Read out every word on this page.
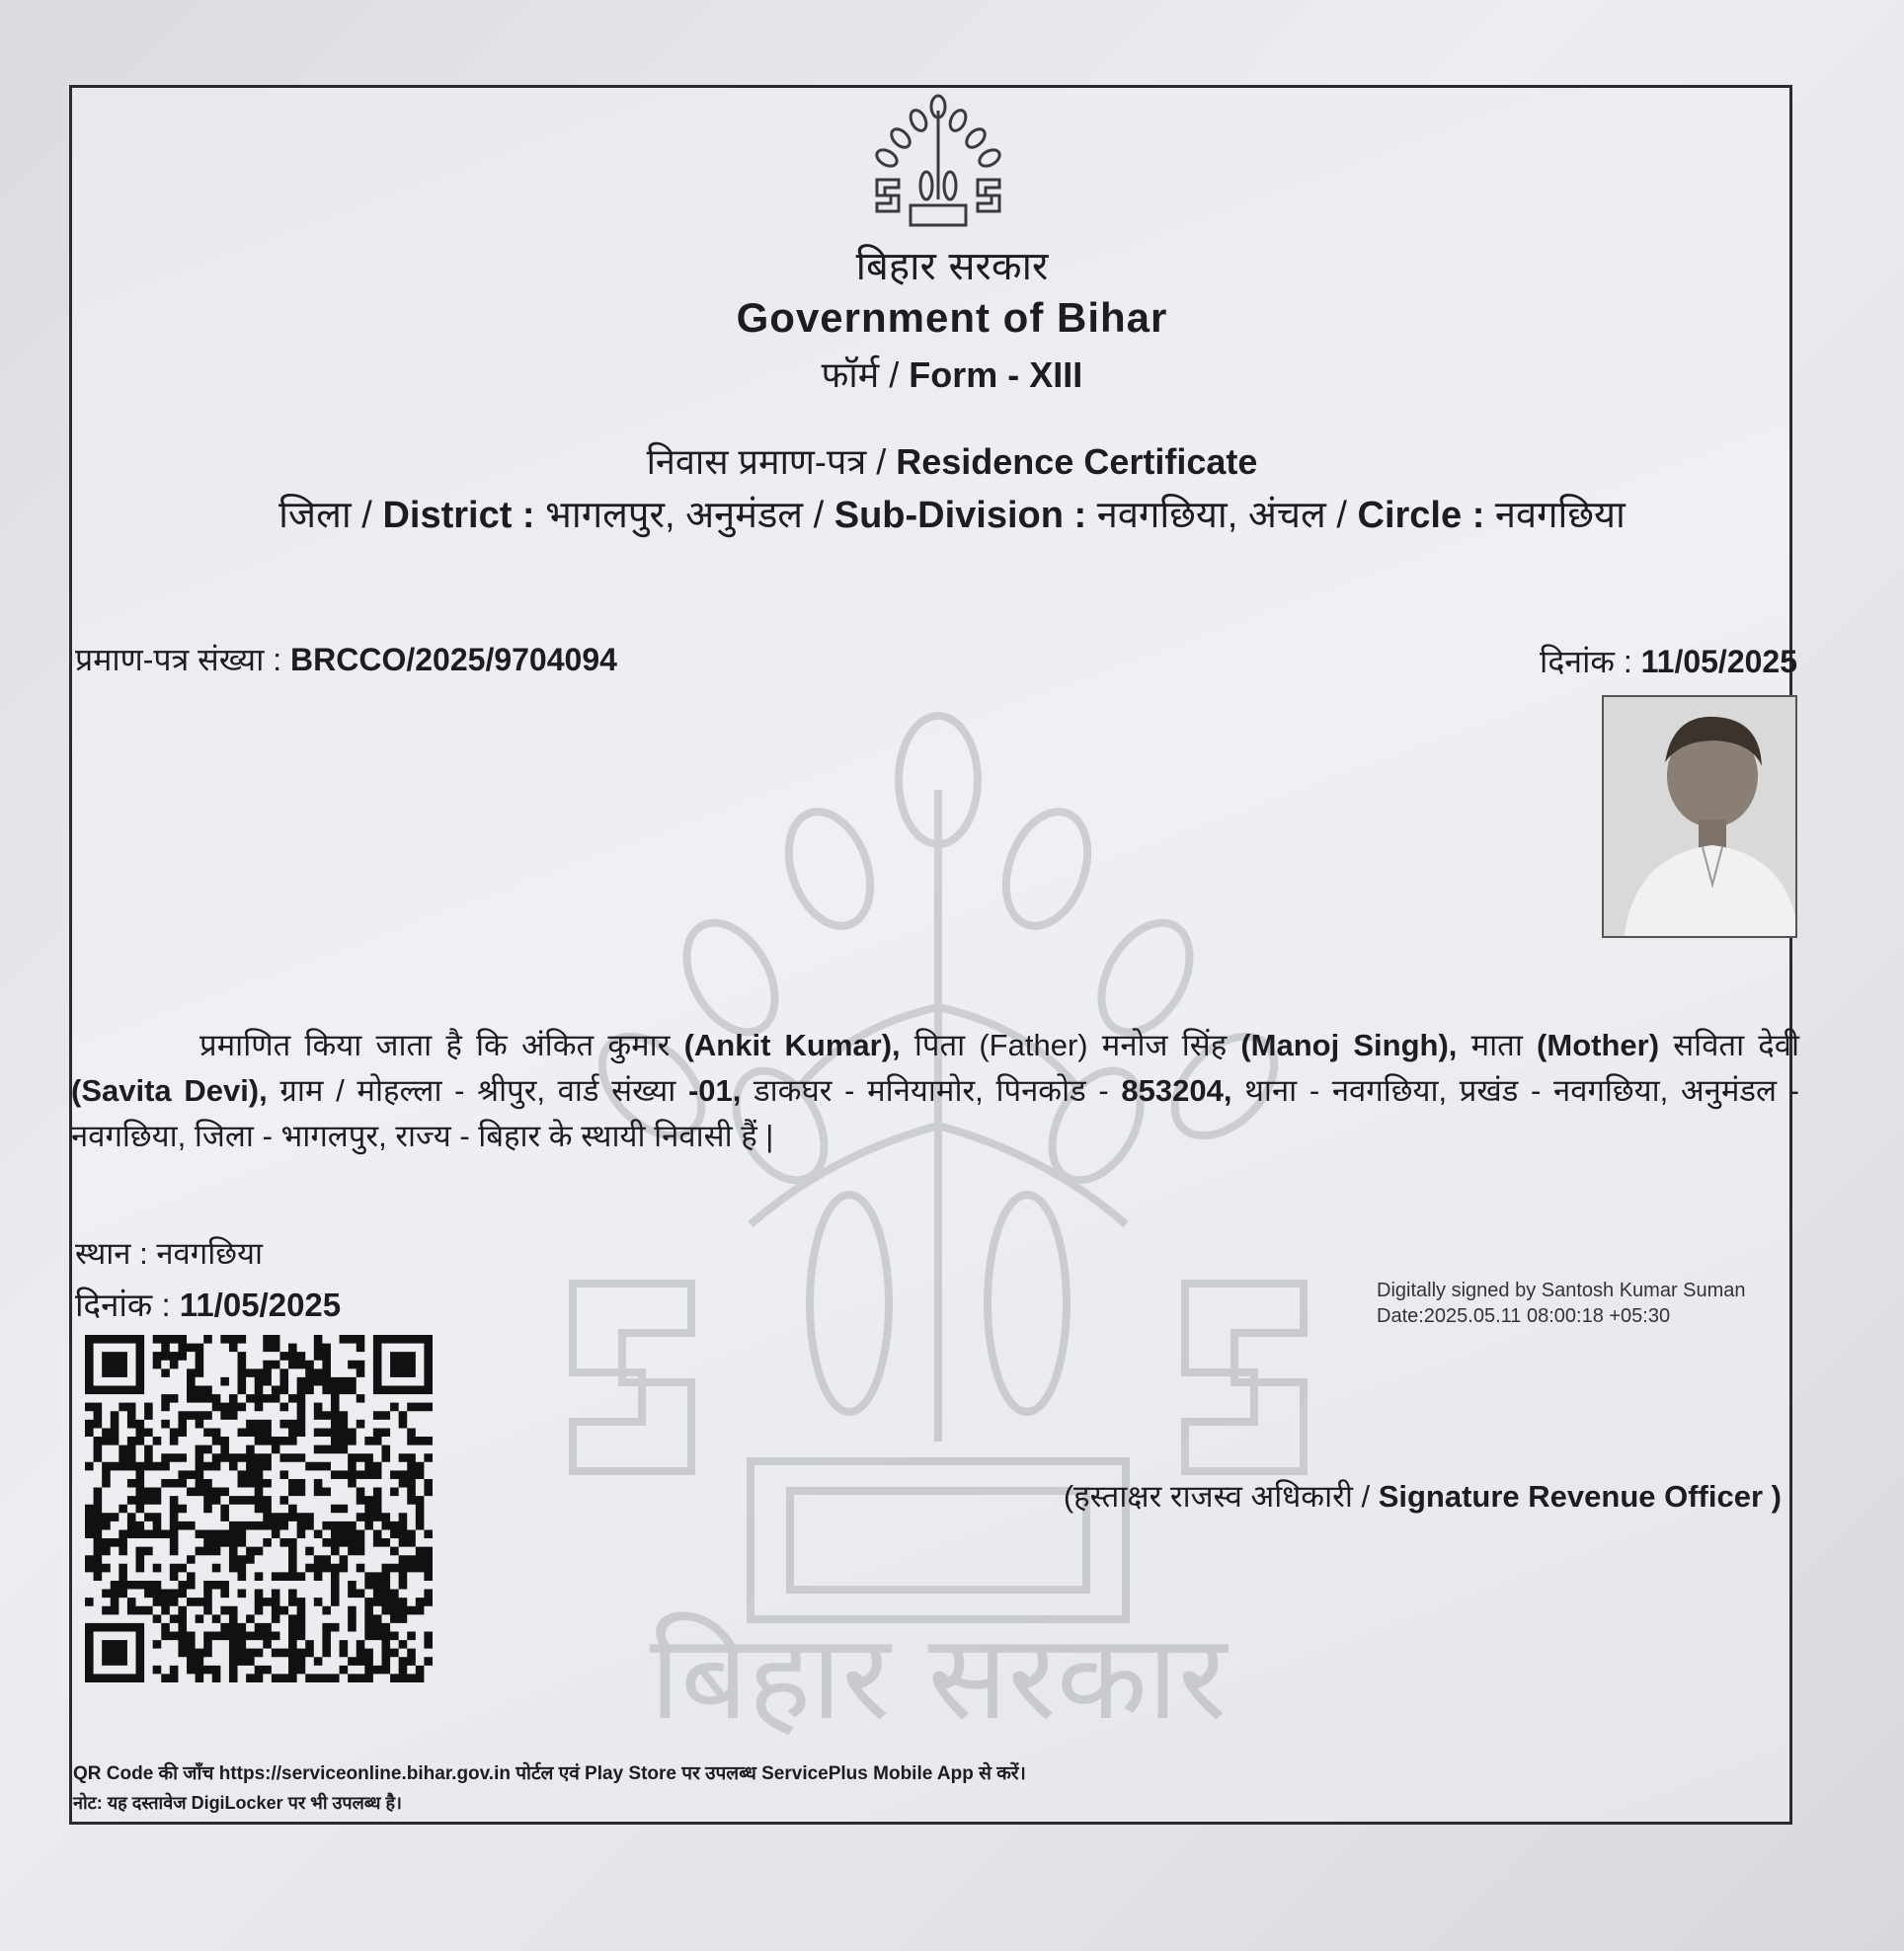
बिहार सरकार
बिहार सरकार
Government of Bihar
फॉर्म / Form - XIII
निवास प्रमाण-पत्र / Residence Certificate
जिला / District : भागलपुर, अनुमंडल / Sub-Division : नवगछिया, अंचल / Circle : नवगछिया
प्रमाण-पत्र संख्या : BRCCO/2025/9704094	दिनांक : 11/05/2025
प्रमाणित किया जाता है कि अंकित कुमार (Ankit Kumar), पिता (Father) मनोज सिंह (Manoj Singh), माता (Mother) सविता देवी (Savita Devi), ग्राम / मोहल्ला - श्रीपुर, वार्ड संख्या -01, डाकघर - मनियामोर, पिनकोड - 853204, थाना - नवगछिया, प्रखंड - नवगछिया, अनुमंडल - नवगछिया, जिला - भागलपुर, राज्य - बिहार के स्थायी निवासी हैं |
स्थान : नवगछिया
दिनांक : 11/05/2025	Digitally signed by Santosh Kumar Suman
Date:2025.05.11 08:00:18 +05:30
(हस्ताक्षर राजस्व अधिकारी / Signature Revenue Officer )
QR Code की जाँच https://serviceonline.bihar.gov.in पोर्टल एवं Play Store पर उपलब्ध ServicePlus Mobile App से करें।
नोट: यह दस्तावेज DigiLocker पर भी उपलब्ध है।
